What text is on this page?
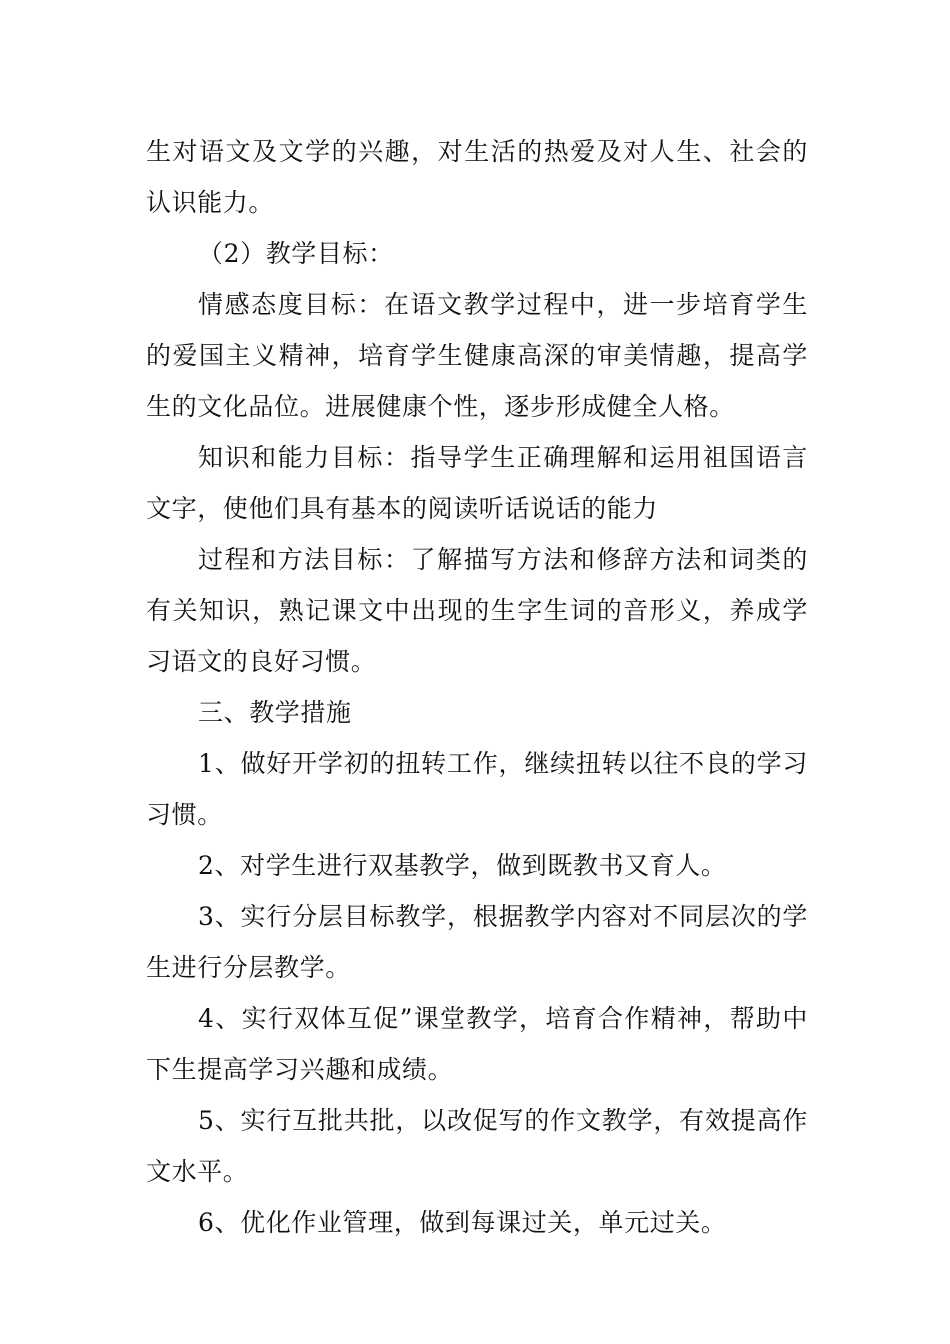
生对语文及文学的兴趣，对生活的热爱及对人生、社会的认识能力。

（2）教学目标：

情感态度目标：在语文教学过程中，进一步培育学生的爱国主义精神，培育学生健康高深的审美情趣，提高学生的文化品位。进展健康个性，逐步形成健全人格。

知识和能力目标：指导学生正确理解和运用祖国语言文字，使他们具有基本的阅读听话说话的能力

过程和方法目标：了解描写方法和修辞方法和词类的有关知识，熟记课文中出现的生字生词的音形义，养成学习语文的良好习惯。

三、教学措施

1、做好开学初的扭转工作，继续扭转以往不良的学习习惯。

2、对学生进行双基教学，做到既教书又育人。

3、实行分层目标教学，根据教学内容对不同层次的学生进行分层教学。

4、实行双体互促”课堂教学，培育合作精神，帮助中下生提高学习兴趣和成绩。

5、实行互批共批，以改促写的作文教学，有效提高作文水平。

6、优化作业管理，做到每课过关，单元过关。
